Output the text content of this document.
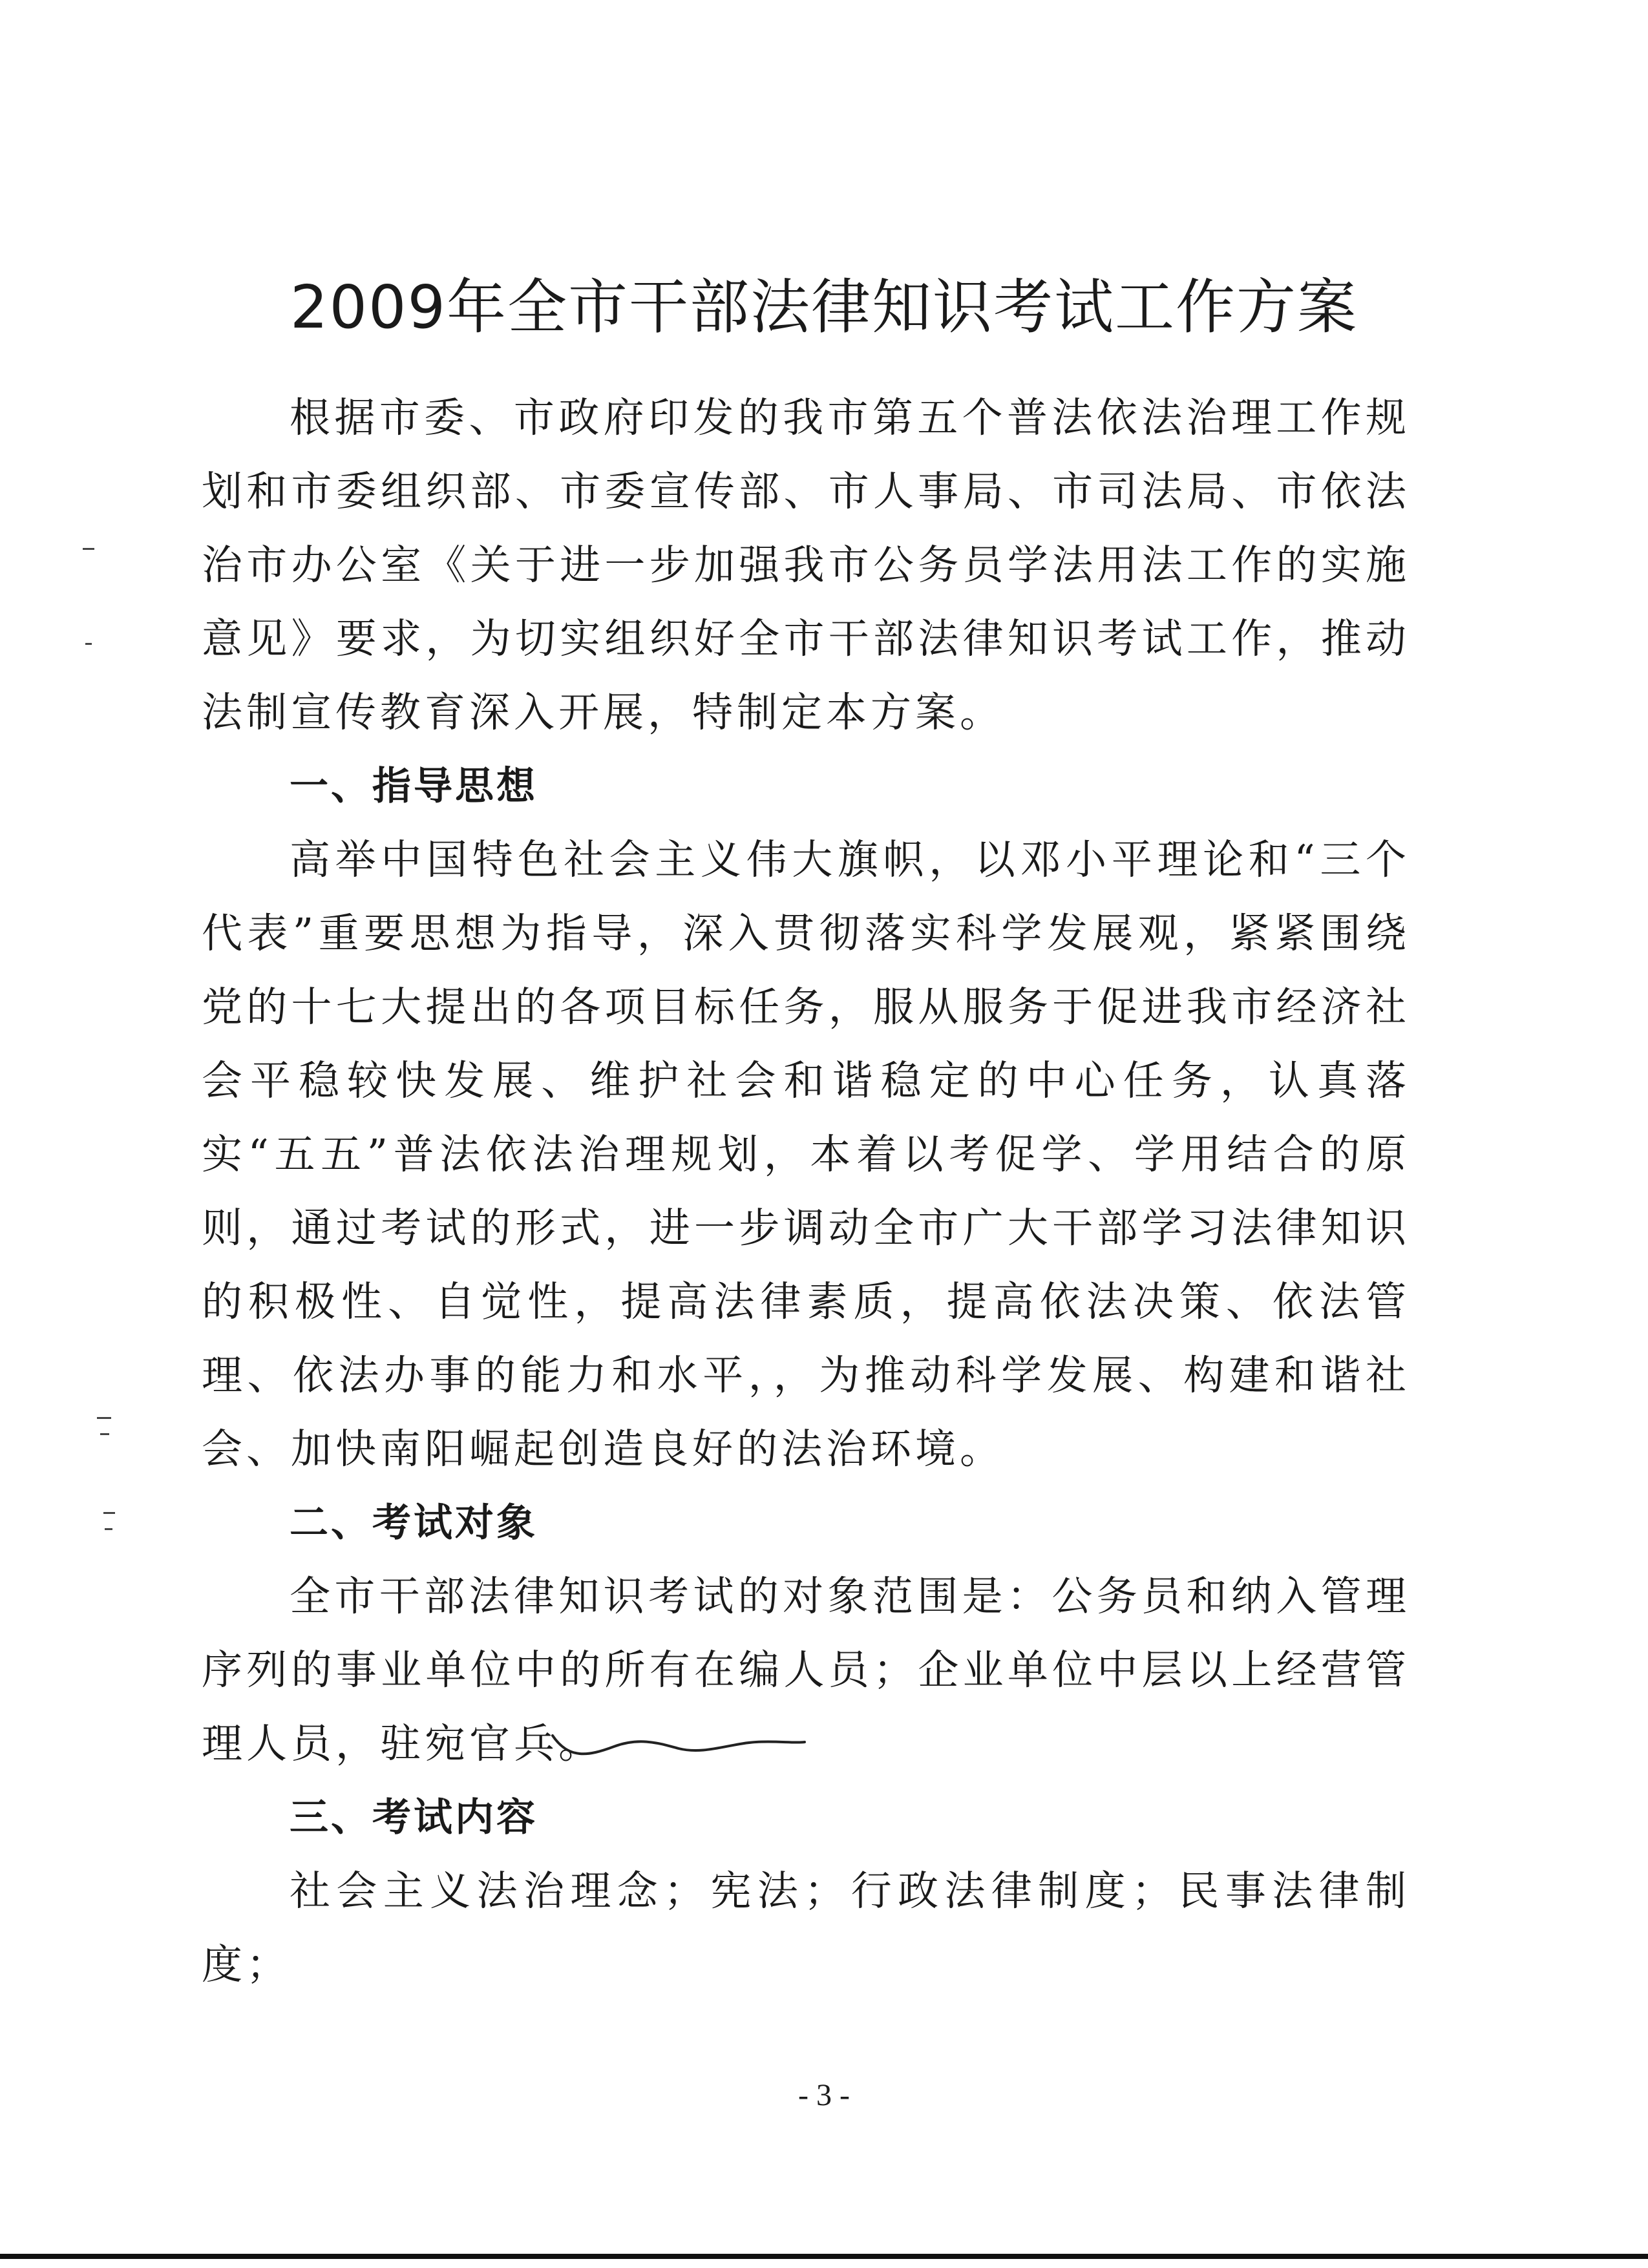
2009年全市干部法律知识考试工作方案

根据市委、市政府印发的我市第五个普法依法治理工作规划和市委组织部、市委宣传部、市人事局、市司法局、市依法治市办公室《关于进一步加强我市公务员学法用法工作的实施意见》要求，为切实组织好全市干部法律知识考试工作，推动法制宣传教育深入开展，特制定本方案。

一、指导思想

高举中国特色社会主义伟大旗帜，以邓小平理论和“三个代表”重要思想为指导，深入贯彻落实科学发展观，紧紧围绕党的十七大提出的各项目标任务，服从服务于促进我市经济社会平稳较快发展、维护社会和谐稳定的中心任务，认真落实“五五”普法依法治理规划，本着以考促学、学用结合的原则，通过考试的形式，进一步调动全市广大干部学习法律知识的积极性、自觉性，提高法律素质，提高依法决策、依法管理、依法办事的能力和水平，，为推动科学发展、构建和谐社会、加快南阳崛起创造良好的法治环境。

二、考试对象

全市干部法律知识考试的对象范围是：公务员和纳入管理序列的事业单位中的所有在编人员；企业单位中层以上经营管理人员，驻宛官兵。

三、考试内容

社会主义法治理念；宪法；行政法律制度；民事法律制度；

- 3 -
